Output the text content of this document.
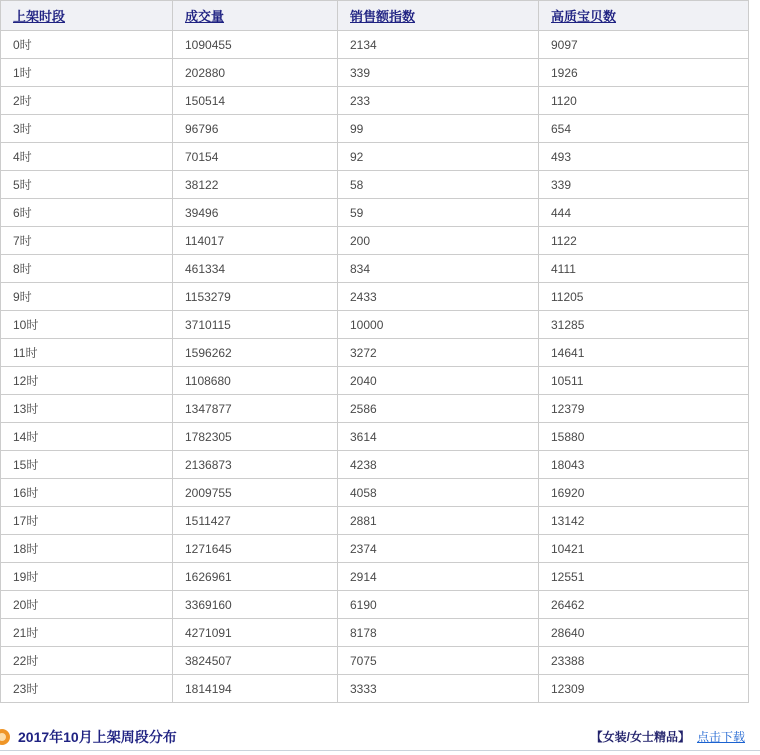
上架时段	成交量	销售额指数	高质宝贝数
0时	1090455	2134	9097
1时	202880	339	1926
2时	150514	233	1120
3时	96796	99	654
4时	70154	92	493
5时	38122	58	339
6时	39496	59	444
7时	114017	200	1122
8时	461334	834	4111
9时	1153279	2433	11205
10时	3710115	10000	31285
11时	1596262	3272	14641
12时	1108680	2040	10511
13时	1347877	2586	12379
14时	1782305	3614	15880
15时	2136873	4238	18043
16时	2009755	4058	16920
17时	1511427	2881	13142
18时	1271645	2374	10421
19时	1626961	2914	12551
20时	3369160	6190	26462
21时	4271091	8178	28640
22时	3824507	7075	23388
23时	1814194	3333	12309
2017年10月上架周段分布	【女装/女士精品】 点击下载
